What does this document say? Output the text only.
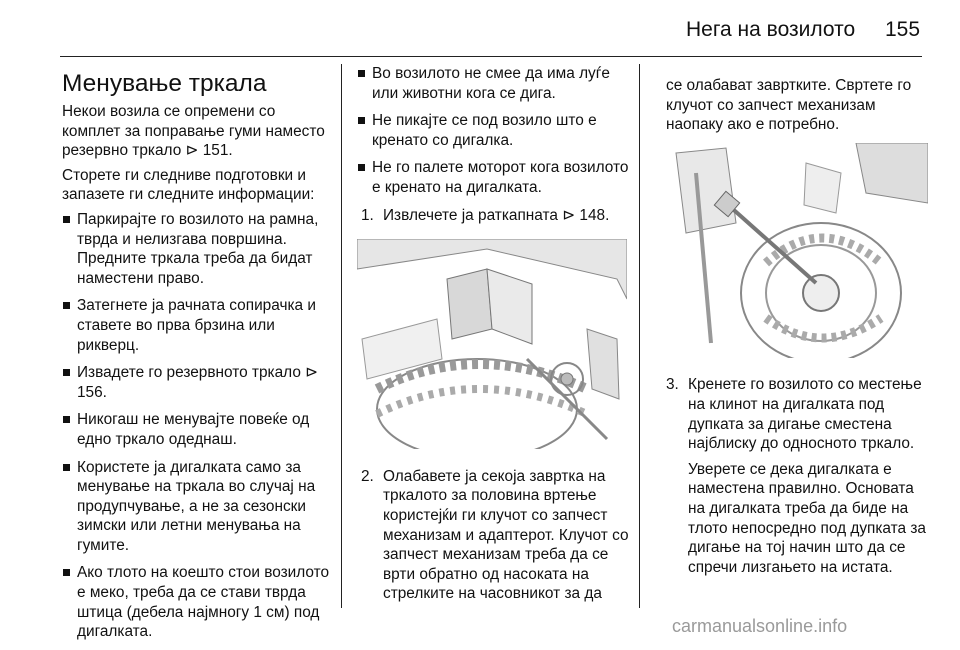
Нега на возилото 155
Менување тркала

Некои возила се опремени со комплет за поправање гуми наместо резервно тркало ⊳ 151.

Сторете ги следниве подготовки и запазете ги следните информации:

Паркирајте го возилото на рамна, тврда и нелизгава површина. Предните тркала треба да бидат наместени право.
Затегнете ја рачната сопирачка и ставете во прва брзина или рикверц.
Извадете го резервното тркало ⊳ 156.
Никогаш не менувајте повеќе од едно тркало одеднаш.
Користете ја дигалката само за менување на тркала во случај на продупчување, а не за сезонски зимски или летни менувања на гумите.
Ако тлото на коешто стои возилото е меко, треба да се стави тврда штица (дебела најмногу 1 см) под дигалката.
Во возилото не смее да има луѓе или животни кога се дига.
Не пикајте се под возило што е кренато со дигалка.
Не го палете моторот кога возилото е кренато на дигалката.
1. Извлечете ја раткапната ⊳ 148.
2. Олабавете ја секоја завртка на тркалото за половина вртење користејќи ги клучот со запчест механизам и адаптерот. Клучот со запчест механизам треба да се врти обратно од насоката на стрелките на часовникот за да
се олабават завртките. Свртете го клучот со запчест механизам наопаку ако е потребно.
3. Кренете го возилото со местење на клинот на дигалката под дупката за дигање сместена најблиску до односното тркало.

Уверете се дека дигалката е наместена правилно. Основата на дигалката треба да биде на тлото непосредно под дупката за дигање на тој начин што да се спречи лизгањето на истата.

carmanualsonline.info
